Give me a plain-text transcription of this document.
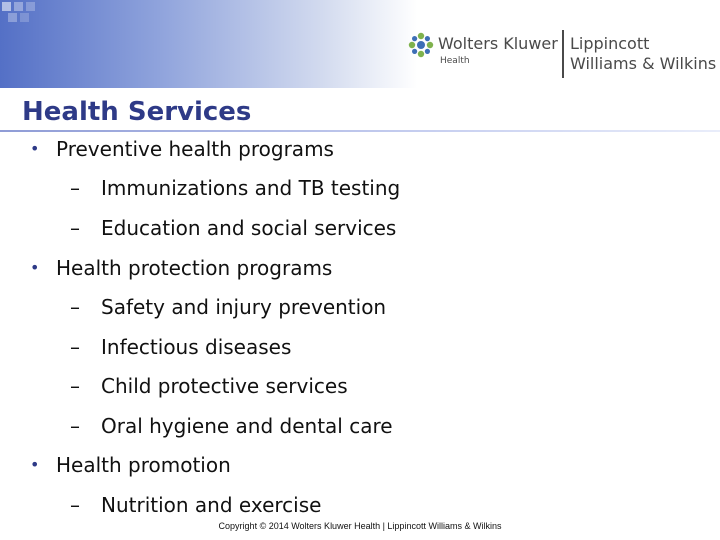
Wolters Kluwer
Health
Lippincott
Williams & Wilkins
Health Services
• Preventive health programs
– Immunizations and TB testing
– Education and social services
• Health protection programs
– Safety and injury prevention
– Infectious diseases
– Child protective services
– Oral hygiene and dental care
• Health promotion
– Nutrition and exercise
Copyright © 2014 Wolters Kluwer Health | Lippincott Williams & Wilkins
